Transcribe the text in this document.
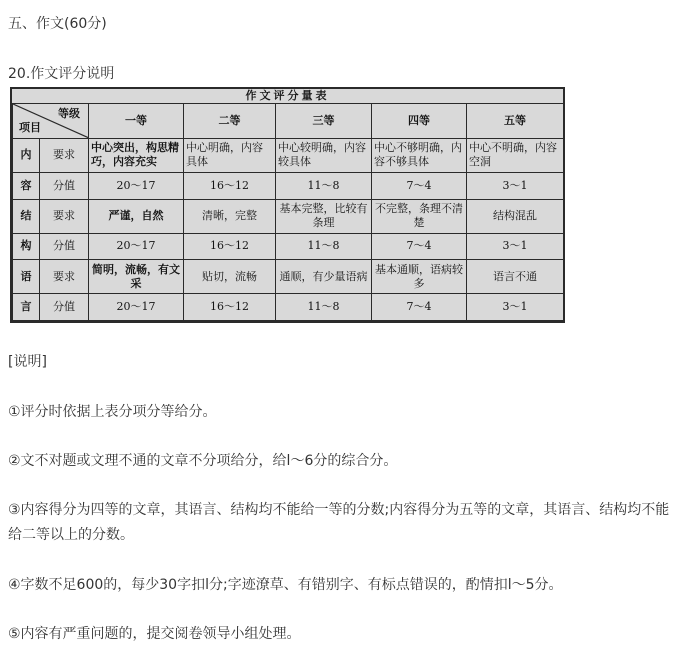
五、作文(60分)
20.作文评分说明
作文评分量表
等级
项目		一等	二等	三等	四等	五等
内	要求	中心突出，构思精巧，内容充实	中心明确，内容具体	中心较明确，内容较具体	中心不够明确，内容不够具体	中心不明确，内容空洞
容	分值	20～17	16～12	11～8	7～4	3～1
结	要求	严谨，自然	清晰，完整	基本完整，比较有条理	不完整，条理不清楚	结构混乱
构	分值	20～17	16～12	11～8	7～4	3～1
语	要求	简明，流畅，有文采	贴切，流畅	通顺，有少量语病	基本通顺，语病较多	语言不通
言	分值	20～17	16～12	11～8	7～4	3～1
[说明]
①评分时依据上表分项分等给分。
②文不对题或文理不通的文章不分项给分，给l～6分的综合分。
③内容得分为四等的文章，其语言、结构均不能给一等的分数;内容得分为五等的文章，其语言、结构均不能给二等以上的分数。
④字数不足600的，每少30字扣l分;字迹潦草、有错别字、有标点错误的，酌情扣l～5分。
⑤内容有严重问题的，提交阅卷领导小组处理。
